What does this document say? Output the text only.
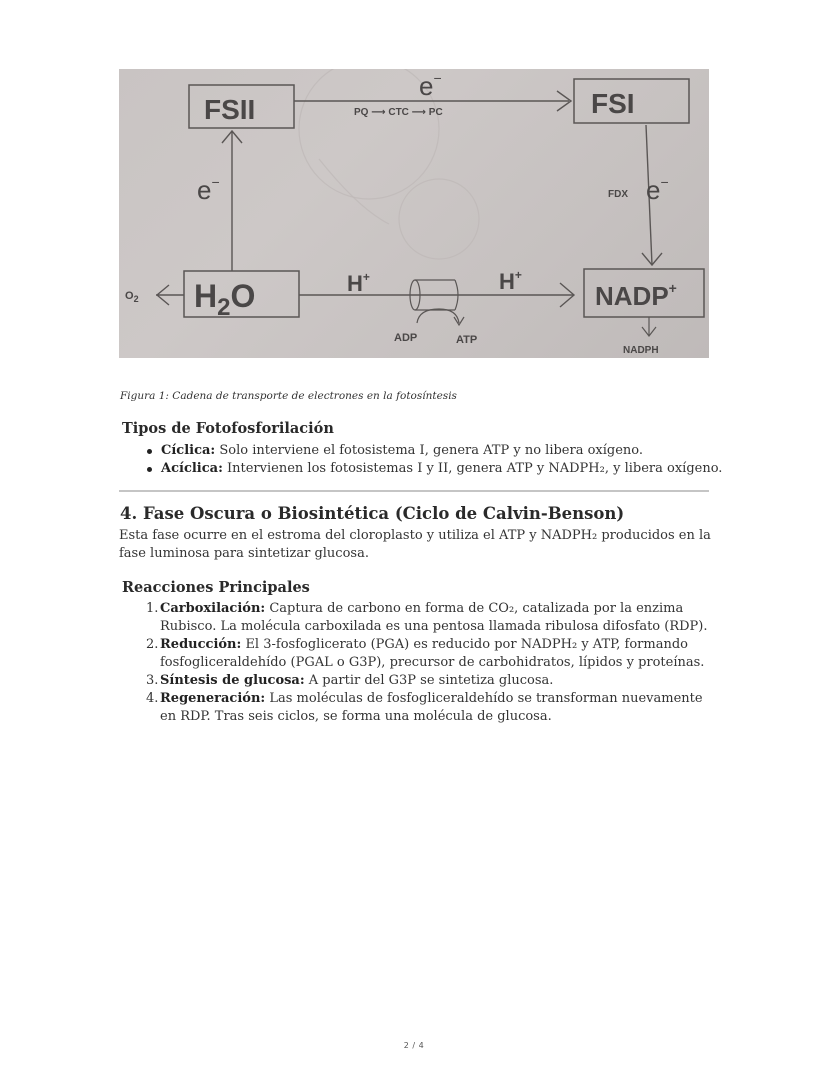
FSII	FSI
$H_2O$	NADP+
e−
PQ ⟶ CTC ⟶ PC
e−
FDX e−
$O_2$
H+	H+
ADP	ATP
NADPH
Figura 1: Cadena de transporte de electrones en la fotosíntesis
Tipos de Fotofosforilación
Cíclica: Solo interviene el fotosistema I, genera ATP y no libera oxígeno.
Acíclica: Intervienen los fotosistemas I y II, genera ATP y NADPH₂, y libera oxígeno.
4. Fase Oscura o Biosintética (Ciclo de Calvin-Benson)
Esta fase ocurre en el estroma del cloroplasto y utiliza el ATP y NADPH₂ producidos en la
fase luminosa para sintetizar glucosa.
Reacciones Principales
1. Carboxilación: Captura de carbono en forma de CO₂, catalizada por la enzima Rubisco. La molécula carboxilada es una pentosa llamada ribulosa difosfato (RDP).
2. Reducción: El 3-fosfoglicerato (PGA) es reducido por NADPH₂ y ATP, formando fosfogliceraldehído (PGAL o G3P), precursor de carbohidratos, lípidos y proteínas.
3. Síntesis de glucosa: A partir del G3P se sintetiza glucosa.
4. Regeneración: Las moléculas de fosfogliceraldehído se transforman nuevamente en RDP. Tras seis ciclos, se forma una molécula de glucosa.
2 / 4
